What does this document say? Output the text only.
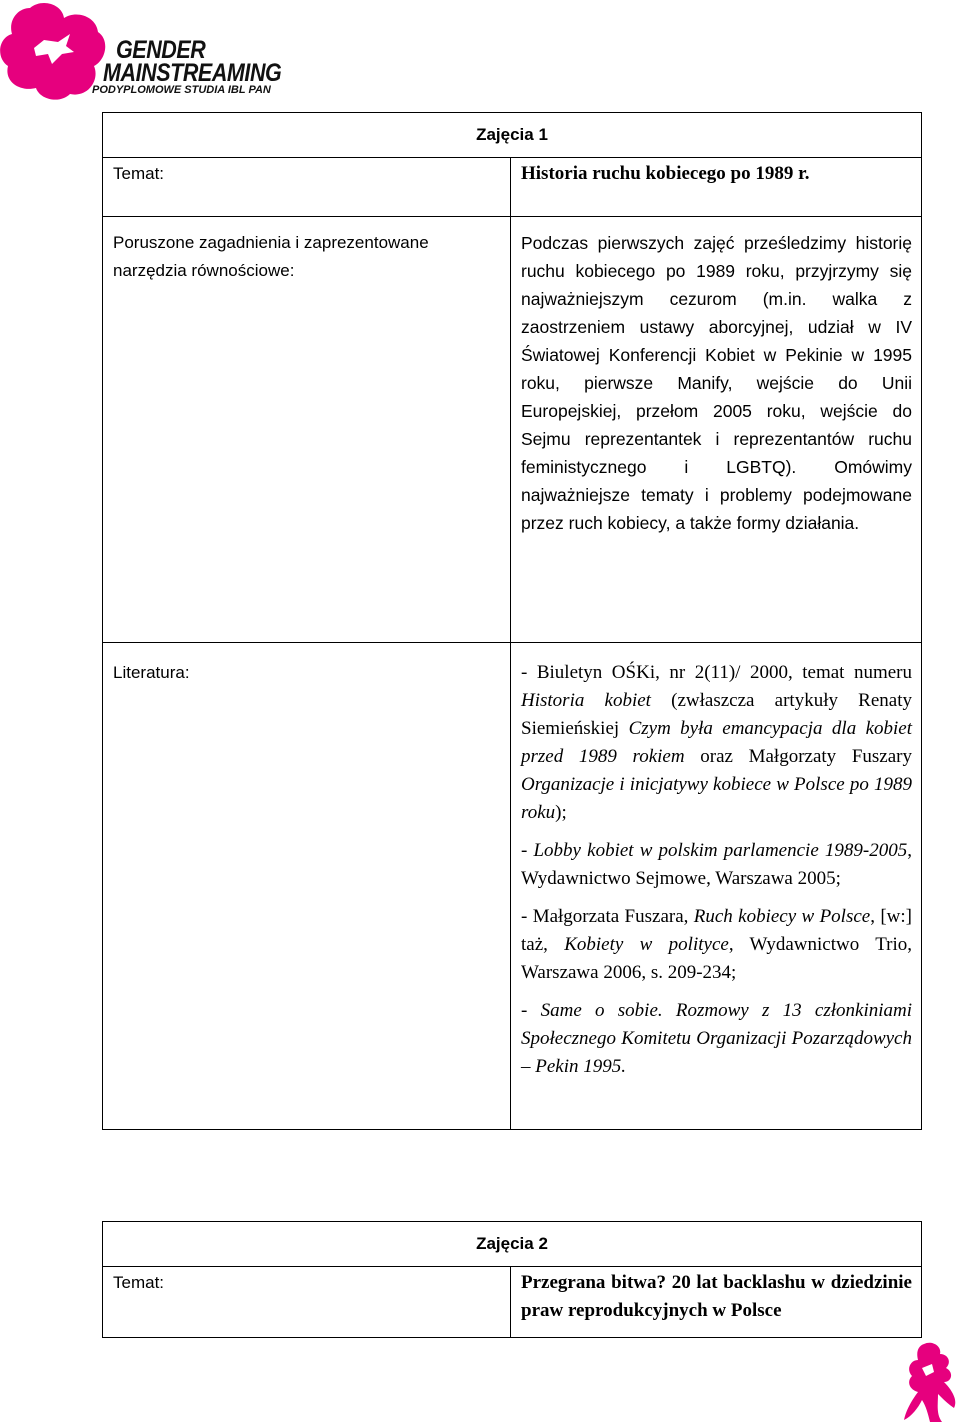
GENDER
MAINSTREAMING
PODYPLOMOWE STUDIA IBL PAN
Zajęcia 1
Temat:	Historia ruchu kobiecego po 1989 r.
Poruszone zagadnienia i zaprezentowane narzędzia równościowe:
Podczas pierwszych zajęć prześledzimy historię ruchu kobiecego po 1989 roku, przyjrzymy się najważniejszym cezurom (m.in. walka z zaostrzeniem ustawy aborcyjnej, udział w IV Światowej Konferencji Kobiet w Pekinie w 1995 roku, pierwsze Manify, wejście do Unii Europejskiej, przełom 2005 roku, wejście do Sejmu reprezentantek i reprezentantów ruchu feministycznego i LGBTQ). Omówimy najważniejsze tematy i problemy podejmowane przez ruch kobiecy, a także formy działania.
Literatura:	- Biuletyn OŚKi, nr 2(11)/ 2000, temat numeru Historia kobiet (zwłaszcza artykuły Renaty Siemieńskiej Czym była emancypacja dla kobiet przed 1989 rokiem oraz Małgorzaty Fuszary Organizacje i inicjatywy kobiece w Polsce po 1989 roku);

- Lobby kobiet w polskim parlamencie 1989-2005, Wydawnictwo Sejmowe, Warszawa 2005;

- Małgorzata Fuszara, Ruch kobiecy w Polsce, [w:] taż, Kobiety w polityce, Wydawnictwo Trio, Warszawa 2006, s. 209-234;

- Same o sobie. Rozmowy z 13 członkiniami Społecznego Komitetu Organizacji Pozarządowych – Pekin 1995.

Zajęcia 2
Temat:	Przegrana bitwa? 20 lat backlashu w dziedzinie praw reprodukcyjnych w Polsce
